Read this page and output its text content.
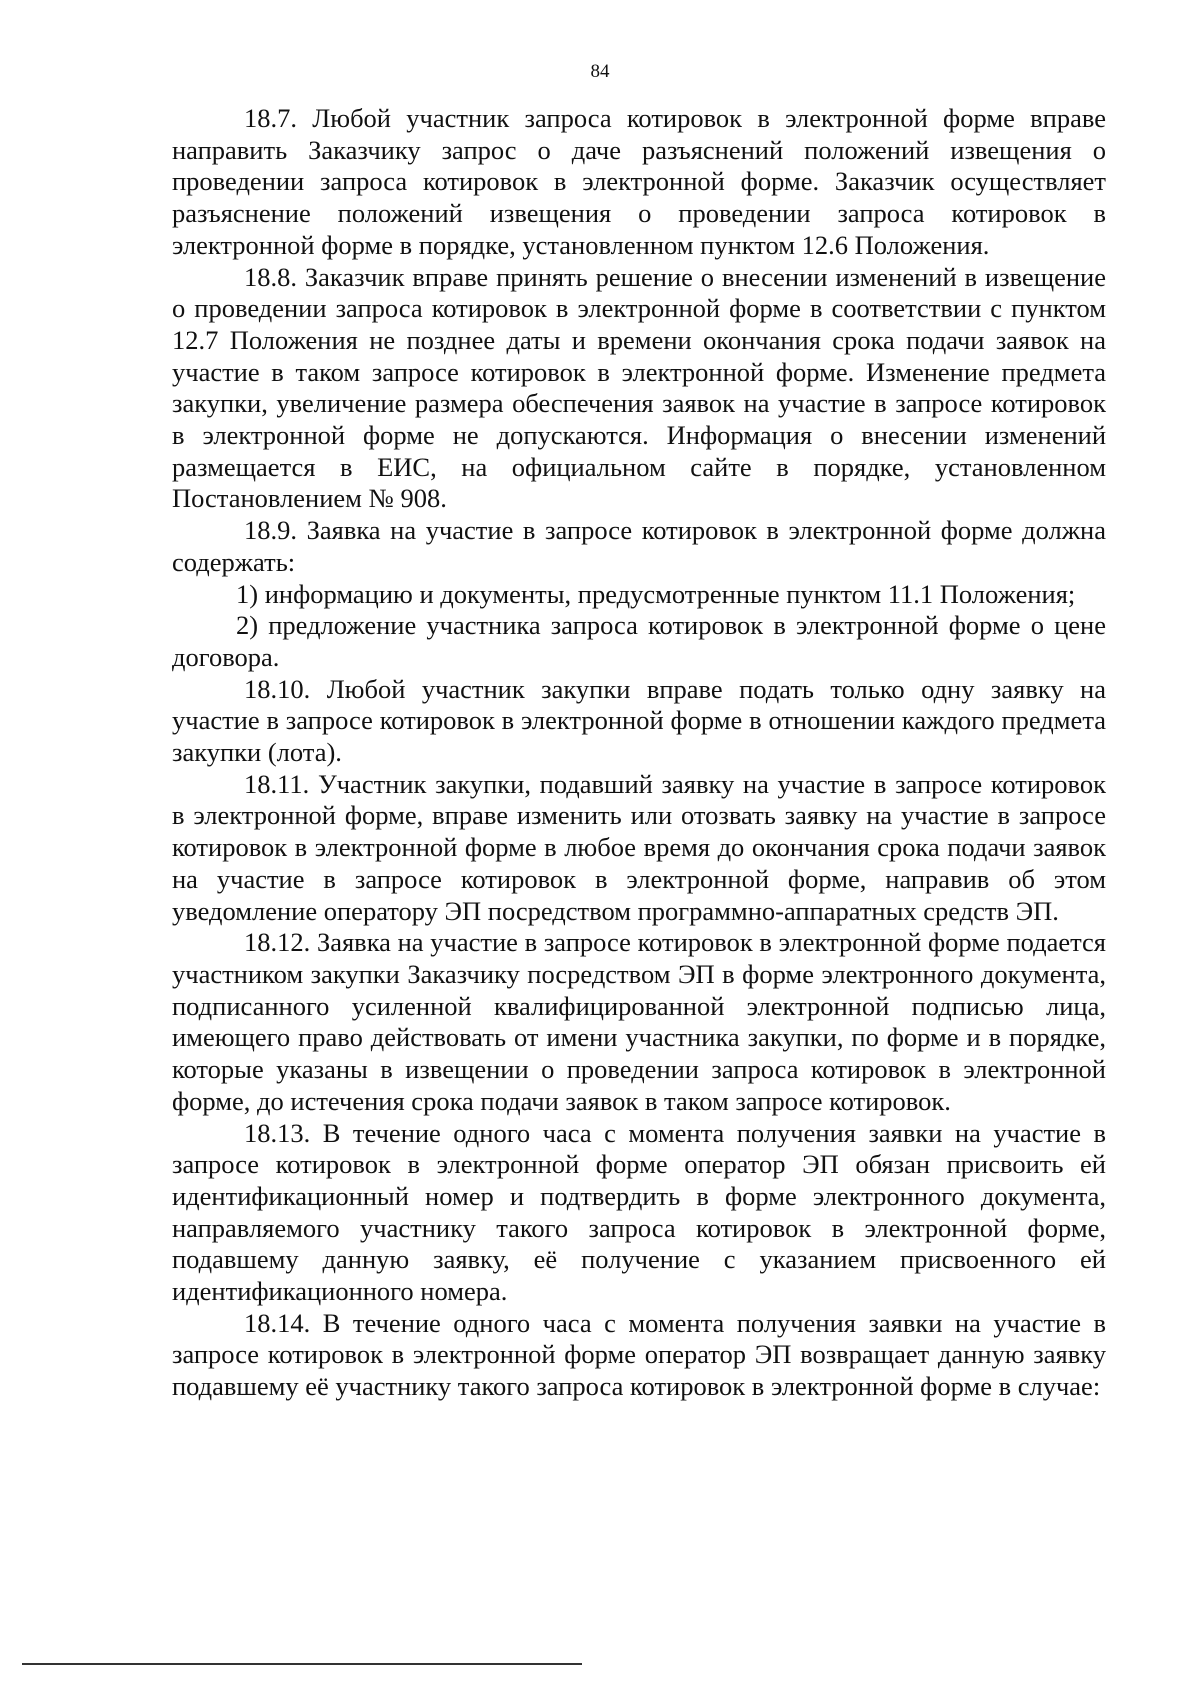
84

18.7. Любой участник запроса котировок в электронной форме вправе направить Заказчику запрос о даче разъяснений положений извещения о проведении запроса котировок в электронной форме. Заказчик осуществляет разъяснение положений извещения о проведении запроса котировок в электронной форме в порядке, установленном пунктом 12.6 Положения.

18.8. Заказчик вправе принять решение о внесении изменений в извещение о проведении запроса котировок в электронной форме в соответствии с пунктом 12.7 Положения не позднее даты и времени окончания срока подачи заявок на участие в таком запросе котировок в электронной форме. Изменение предмета закупки, увеличение размера обеспечения заявок на участие в запросе котировок в электронной форме не допускаются. Информация о внесении изменений размещается в ЕИС, на официальном сайте в порядке, установленном Постановлением № 908.

18.9. Заявка на участие в запросе котировок в электронной форме должна содержать:

1) информацию и документы, предусмотренные пунктом 11.1 Положения;

2) предложение участника запроса котировок в электронной форме о цене договора.

18.10. Любой участник закупки вправе подать только одну заявку на участие в запросе котировок в электронной форме в отношении каждого предмета закупки (лота).

18.11. Участник закупки, подавший заявку на участие в запросе котировок в электронной форме, вправе изменить или отозвать заявку на участие в запросе котировок в электронной форме в любое время до окончания срока подачи заявок на участие в запросе котировок в электронной форме, направив об этом уведомление оператору ЭП посредством программно-аппаратных средств ЭП.

18.12. Заявка на участие в запросе котировок в электронной форме подается участником закупки Заказчику посредством ЭП в форме электронного документа, подписанного усиленной квалифицированной электронной подписью лица, имеющего право действовать от имени участника закупки, по форме и в порядке, которые указаны в извещении о проведении запроса котировок в электронной форме, до истечения срока подачи заявок в таком запросе котировок.

18.13. В течение одного часа с момента получения заявки на участие в запросе котировок в электронной форме оператор ЭП обязан присвоить ей идентификационный номер и подтвердить в форме электронного документа, направляемого участнику такого запроса котировок в электронной форме, подавшему данную заявку, её получение с указанием присвоенного ей идентификационного номера.

18.14. В течение одного часа с момента получения заявки на участие в запросе котировок в электронной форме оператор ЭП возвращает данную заявку подавшему её участнику такого запроса котировок в электронной форме в случае:
